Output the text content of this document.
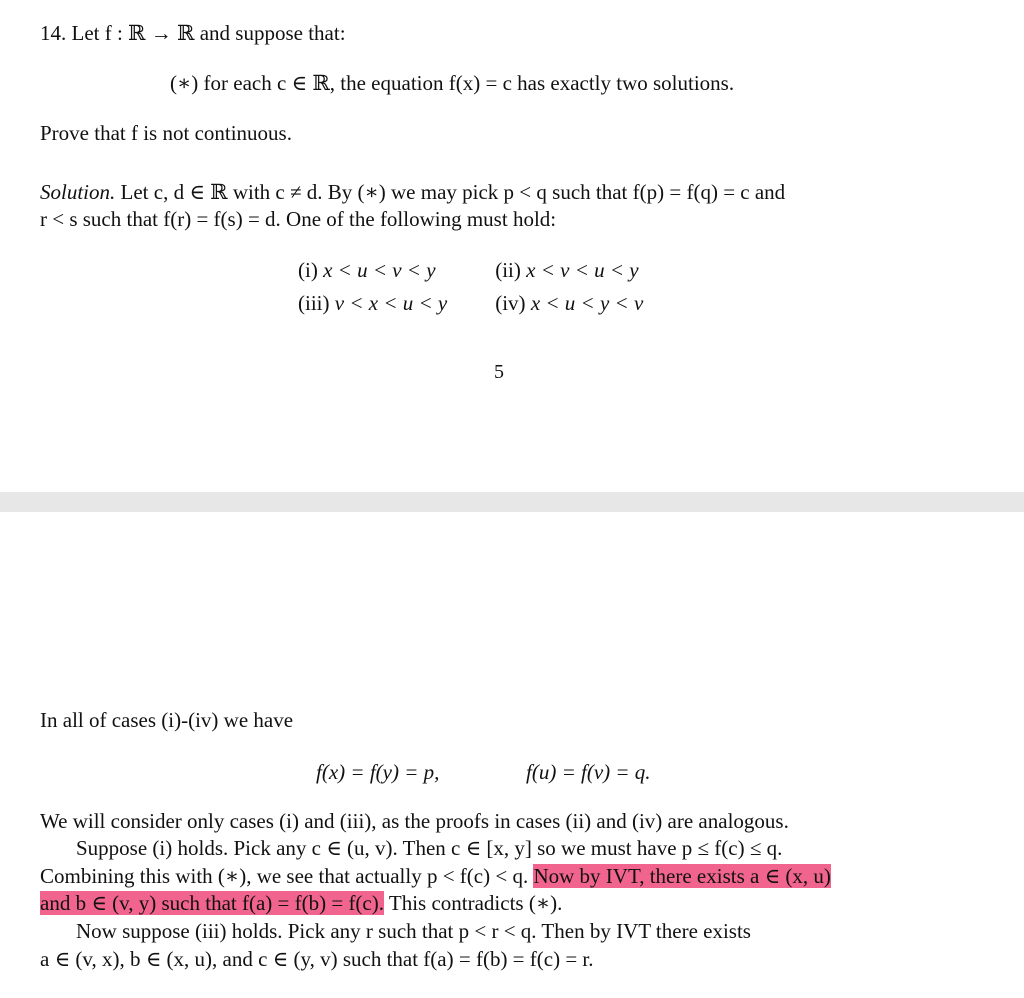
14. Let f : ℝ → ℝ and suppose that:
(∗) for each c ∈ ℝ, the equation f(x) = c has exactly two solutions.
Prove that f is not continuous.
Solution. Let c, d ∈ ℝ with c ≠ d. By (∗) we may pick p < q such that f(p) = f(q) = c and
r < s such that f(r) = f(s) = d. One of the following must hold:
(i) x < u < v < y	(ii) x < v < u < y
(iii) v < x < u < y	(iv) x < u < y < v
5
In all of cases (i)-(iv) we have
f(x) = f(y) = p,	f(u) = f(v) = q.
We will consider only cases (i) and (iii), as the proofs in cases (ii) and (iv) are analogous.
Suppose (i) holds. Pick any c ∈ (u, v). Then c ∈ [x, y] so we must have p ≤ f(c) ≤ q.
Combining this with (∗), we see that actually p < f(c) < q. Now by IVT, there exists a ∈ (x, u)
and b ∈ (v, y) such that f(a) = f(b) = f(c). This contradicts (∗).
Now suppose (iii) holds. Pick any r such that p < r < q. Then by IVT there exists
a ∈ (v, x), b ∈ (x, u), and c ∈ (y, v) such that f(a) = f(b) = f(c) = r.
